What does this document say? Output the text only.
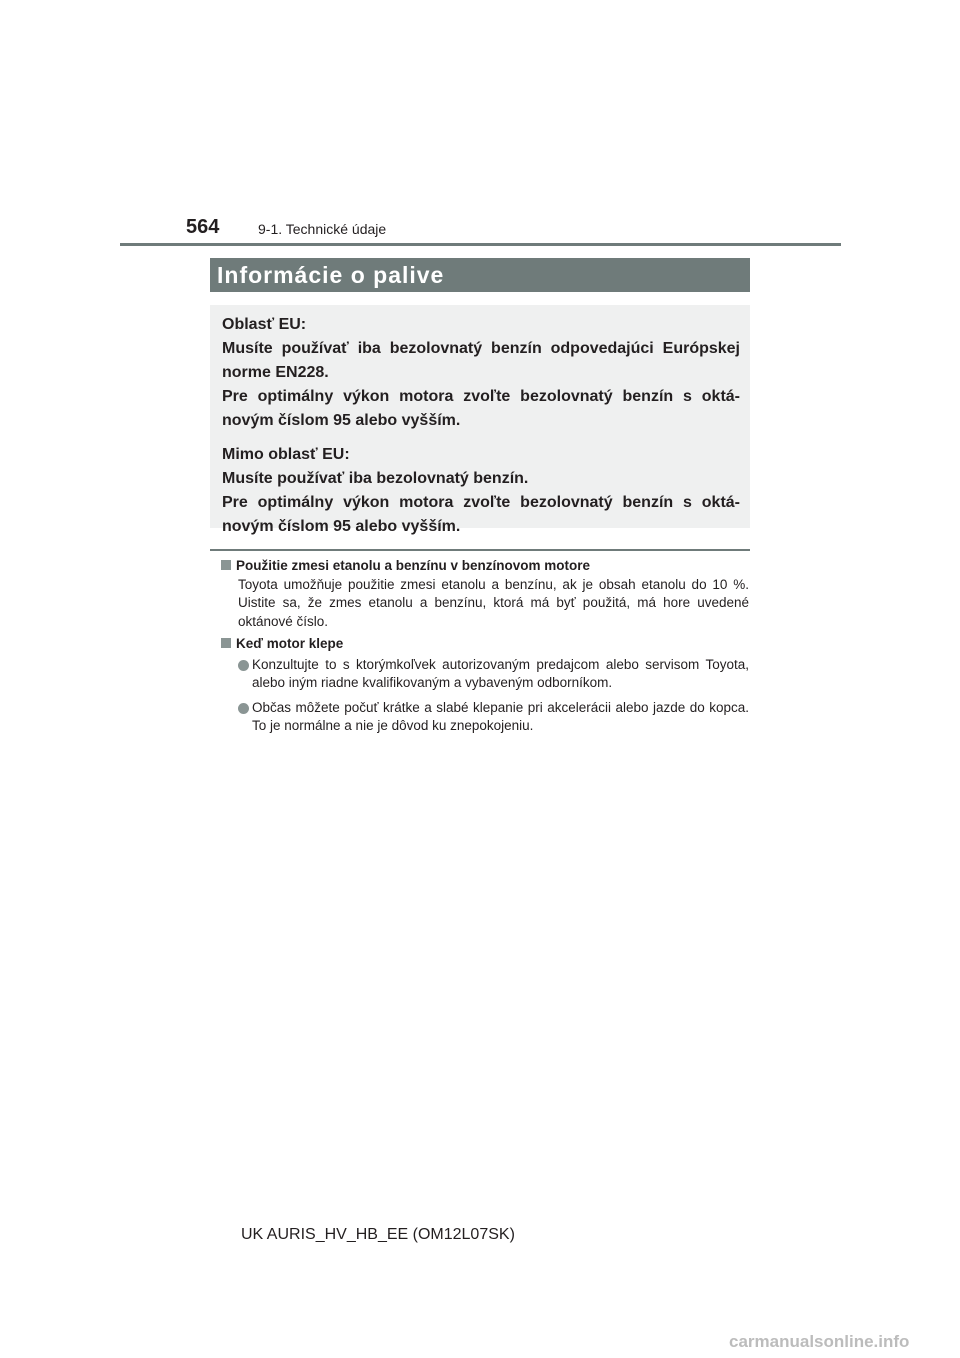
564	9-1. Technické údaje
Informácie o palive

Oblasť EU:

Musíte používať iba bezolovnatý benzín odpovedajúci Európskej norme EN228.

Pre optimálny výkon motora zvoľte bezolovnatý benzín s oktá-novým číslom 95 alebo vyšším.

Mimo oblasť EU:

Musíte používať iba bezolovnatý benzín.

Pre optimálny výkon motora zvoľte bezolovnatý benzín s oktá-novým číslom 95 alebo vyšším.

Použitie zmesi etanolu a benzínu v benzínovom motore

Toyota umožňuje použitie zmesi etanolu a benzínu, ak je obsah etanolu do 10 %. Uistite sa, že zmes etanolu a benzínu, ktorá má byť použitá, má hore uvedené oktánové číslo.

Keď motor klepe

Konzultujte to s ktorýmkoľvek autorizovaným predajcom alebo servisom Toyota, alebo iným riadne kvalifikovaným a vybaveným odborníkom.
Občas môžete počuť krátke a slabé klepanie pri akcelerácii alebo jazde do kopca. To je normálne a nie je dôvod ku znepokojeniu.
UK AURIS_HV_HB_EE (OM12L07SK)
carmanualsonline.info
